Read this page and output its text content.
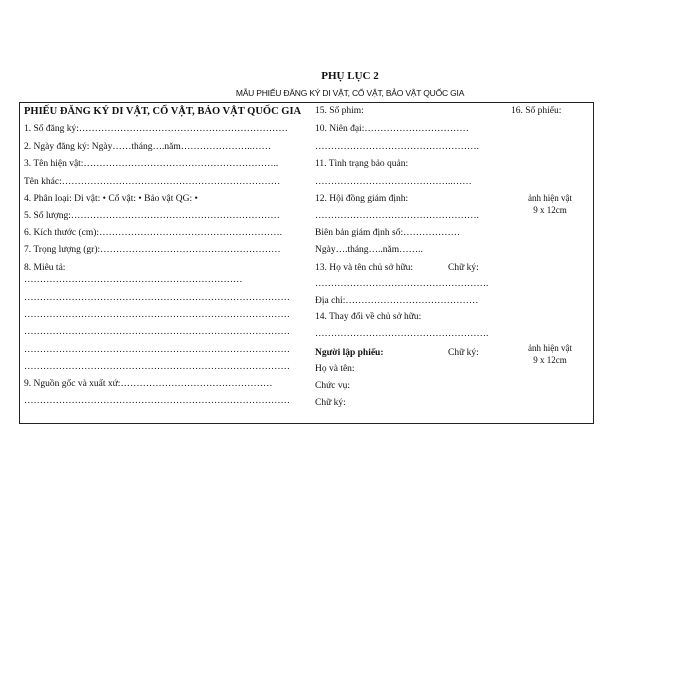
PHỤ LỤC 2
MẪU PHIẾU ĐĂNG KÝ DI VẬT, CỔ VẬT, BẢO VẬT QUỐC GIA
PHIẾU ĐĂNG KÝ DI VẬT, CỔ VẬT, BẢO VẬT QUỐC GIA
1. Số đăng ký:…………………………………………………………
2. Ngày đăng ký: Ngày……tháng….năm…………………..……
3. Tên hiện vật:……………………………………………………..
Tên khác:……………………………………………………………
4. Phân loại: Di vật: • Cổ vật: • Bảo vật QG: •
5. Số lượng:…………………………………………………………
6. Kích thước (cm):………………………………………………….
7. Trọng lượng (gr):…………………………………………………
8. Miêu tả:
……………………………………………………………
…………………………………………………………………………
…………………………………………………………………………
…………………………………………………………………………
…………………………………………………………………………
…………………………………………………………………………
9. Nguồn gốc và xuất xứ:…………………………………………
…………………………………………………………………………
15. Số phim:
10. Niên đại:……………………………
…………………………………………….
11. Tình trạng bảo quản:
……………………………………..……
12. Hội đồng giám định:
…………………………………………….
Biên bản giám định số:………………
Ngày….tháng…..năm……..
13. Họ và tên chủ sở hữu:	Chữ ký:
……………………………………………….
Địa chỉ:……………………………………
14. Thay đổi về chủ sở hữu:
……………………………………………….
Người lập phiếu:	Chữ ký:
Họ và tên:
Chức vụ:
Chữ ký:
16. Số phiếu:
ảnh hiện vật
9 x 12cm
ảnh hiện vật
9 x 12cm
